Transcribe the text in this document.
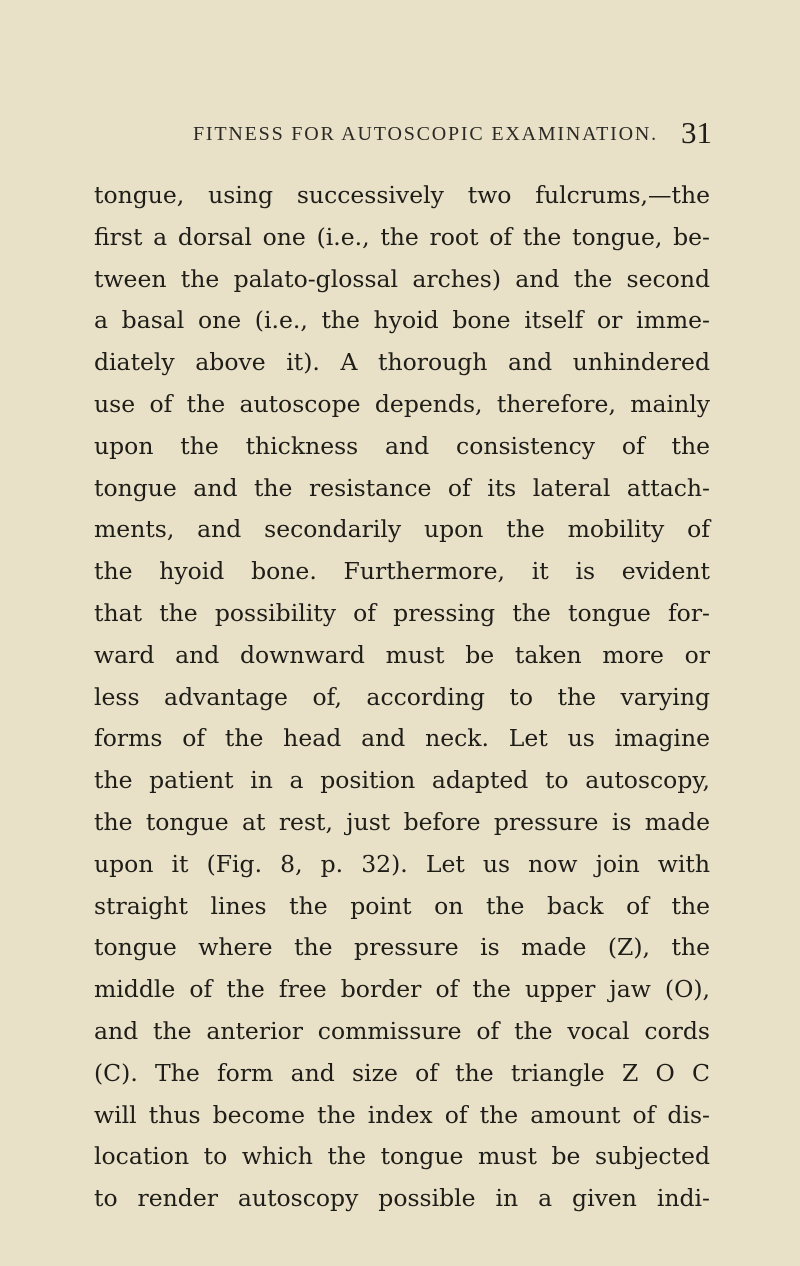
FITNESS FOR AUTOSCOPIC EXAMINATION. 31
tongue, using successively two fulcrums,—the
first a dorsal one (i.e., the root of the tongue, be-
tween the palato-glossal arches) and the second
a basal one (i.e., the hyoid bone itself or imme-
diately above it). A thorough and unhindered
use of the autoscope depends, therefore, mainly
upon the thickness and consistency of the
tongue and the resistance of its lateral attach-
ments, and secondarily upon the mobility of
the hyoid bone. Furthermore, it is evident
that the possibility of pressing the tongue for-
ward and downward must be taken more or
less advantage of, according to the varying
forms of the head and neck. Let us imagine
the patient in a position adapted to autoscopy,
the tongue at rest, just before pressure is made
upon it (Fig. 8, p. 32). Let us now join with
straight lines the point on the back of the
tongue where the pressure is made (Z), the
middle of the free border of the upper jaw (O),
and the anterior commissure of the vocal cords
(C). The form and size of the triangle Z O C
will thus become the index of the amount of dis-
location to which the tongue must be subjected
to render autoscopy possible in a given indi-
